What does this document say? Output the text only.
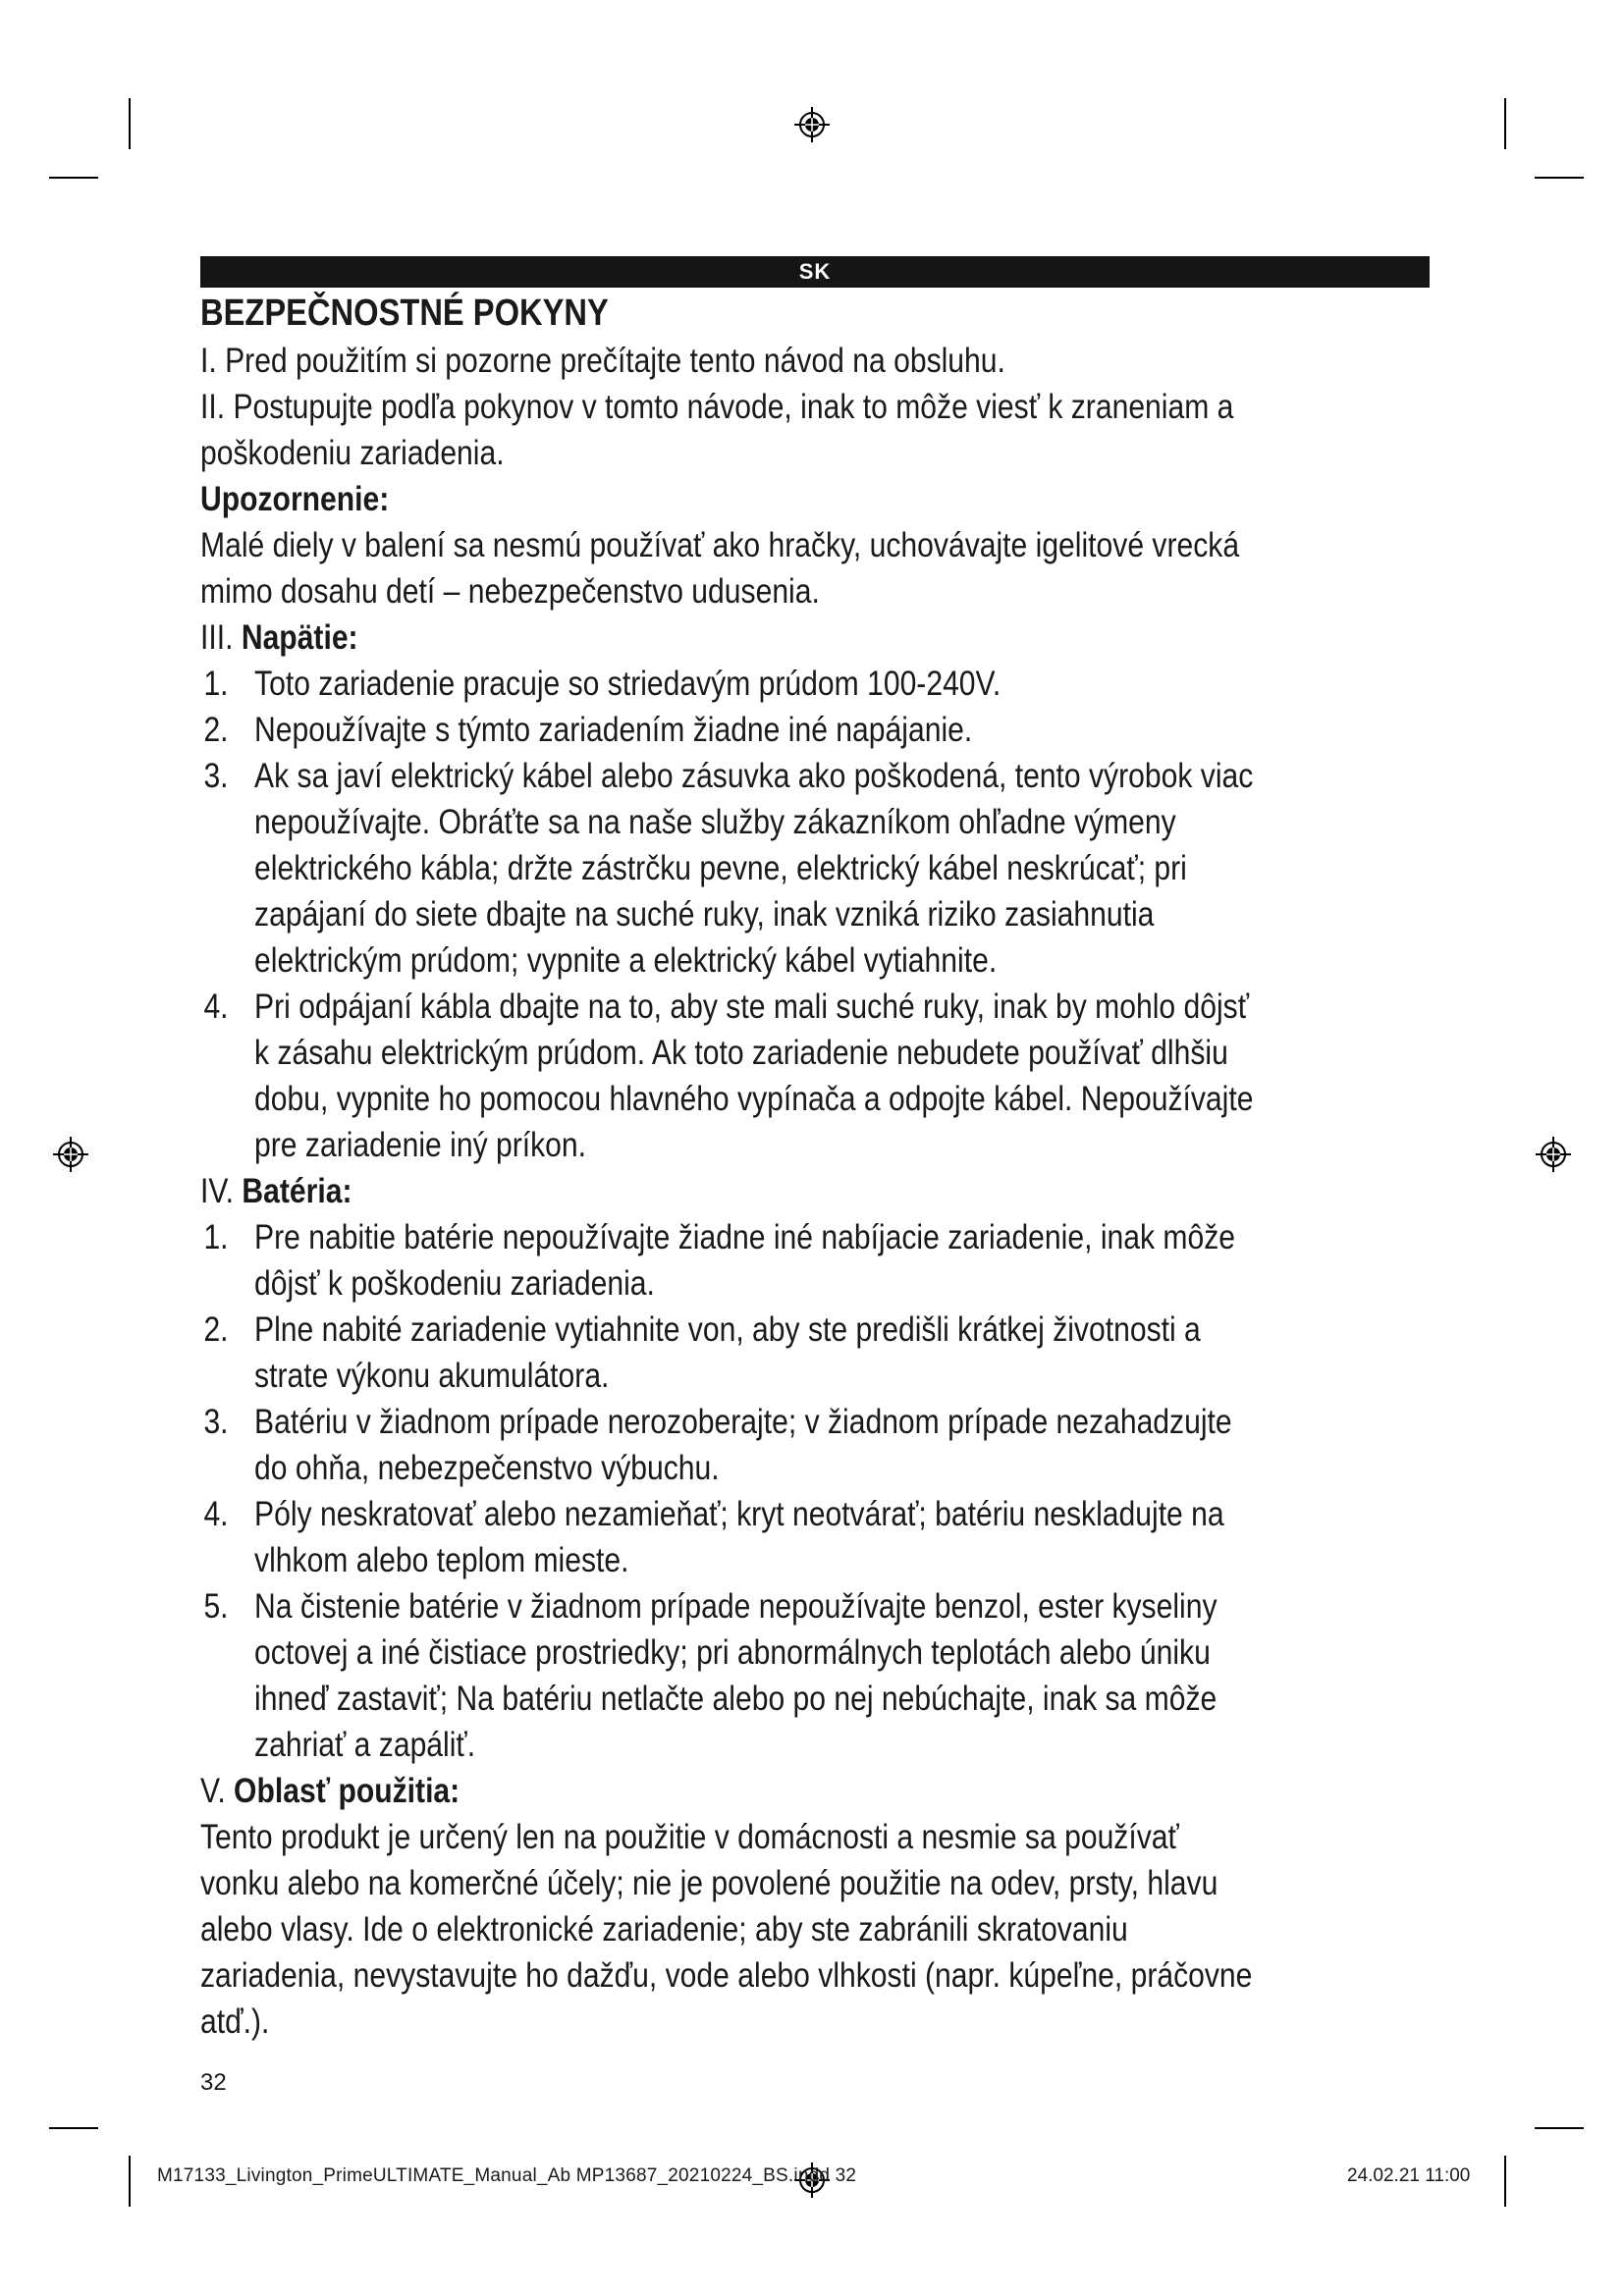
SK

BEZPEČNOSTNÉ POKYNY

I. Pred použitím si pozorne prečítajte tento návod na obsluhu.

II. Postupujte podľa pokynov v tomto návode, inak to môže viesť k zraneniam a poškodeniu zariadenia.

Upozornenie:

Malé diely v balení sa nesmú používať ako hračky, uchovávajte igelitové vrecká mimo dosahu detí – nebezpečenstvo udusenia.

III. Napätie:

1. Toto zariadenie pracuje so striedavým prúdom 100-240V.
2. Nepoužívajte s týmto zariadením žiadne iné napájanie.
3. Ak sa javí elektrický kábel alebo zásuvka ako poškodená, tento výrobok viac nepoužívajte. Obráťte sa na naše služby zákazníkom ohľadne výmeny elektrického kábla; držte zástrčku pevne, elektrický kábel neskrúcať; pri zapájaní do siete dbajte na suché ruky, inak vzniká riziko zasiahnutia elektrickým prúdom; vypnite a elektrický kábel vytiahnite.
4. Pri odpájaní kábla dbajte na to, aby ste mali suché ruky, inak by mohlo dôjsť k zásahu elektrickým prúdom. Ak toto zariadenie nebudete používať dlhšiu dobu, vypnite ho pomocou hlavného vypínača a odpojte kábel. Nepoužívajte pre zariadenie iný príkon.

IV. Batéria:

1. Pre nabitie batérie nepoužívajte žiadne iné nabíjacie zariadenie, inak môže dôjsť k poškodeniu zariadenia.
2. Plne nabité zariadenie vytiahnite von, aby ste predišli krátkej životnosti a strate výkonu akumulátora.
3. Batériu v žiadnom prípade nerozoberajte; v žiadnom prípade nezahadzujte do ohňa, nebezpečenstvo výbuchu.
4. Póly neskratovať alebo nezamieňať; kryt neotvárať; batériu neskladujte na vlhkom alebo teplom mieste.
5. Na čistenie batérie v žiadnom prípade nepoužívajte benzol, ester kyseliny octovej a iné čistiace prostriedky; pri abnormálnych teplotách alebo úniku ihneď zastaviť; Na batériu netlačte alebo po nej nebúchajte, inak sa môže zahriať a zapáliť.

V. Oblasť použitia:

Tento produkt je určený len na použitie v domácnosti a nesmie sa používať vonku alebo na komerčné účely; nie je povolené použitie na odev, prsty, hlavu alebo vlasy. Ide o elektronické zariadenie; aby ste zabránili skratovaniu zariadenia, nevystavujte ho dažďu, vode alebo vlhkosti (napr. kúpeľne, práčovne atď.).

32
M17133_Livington_PrimeULTIMATE_Manual_Ab MP13687_20210224_BS.indd 32	24.02.21 11:00
